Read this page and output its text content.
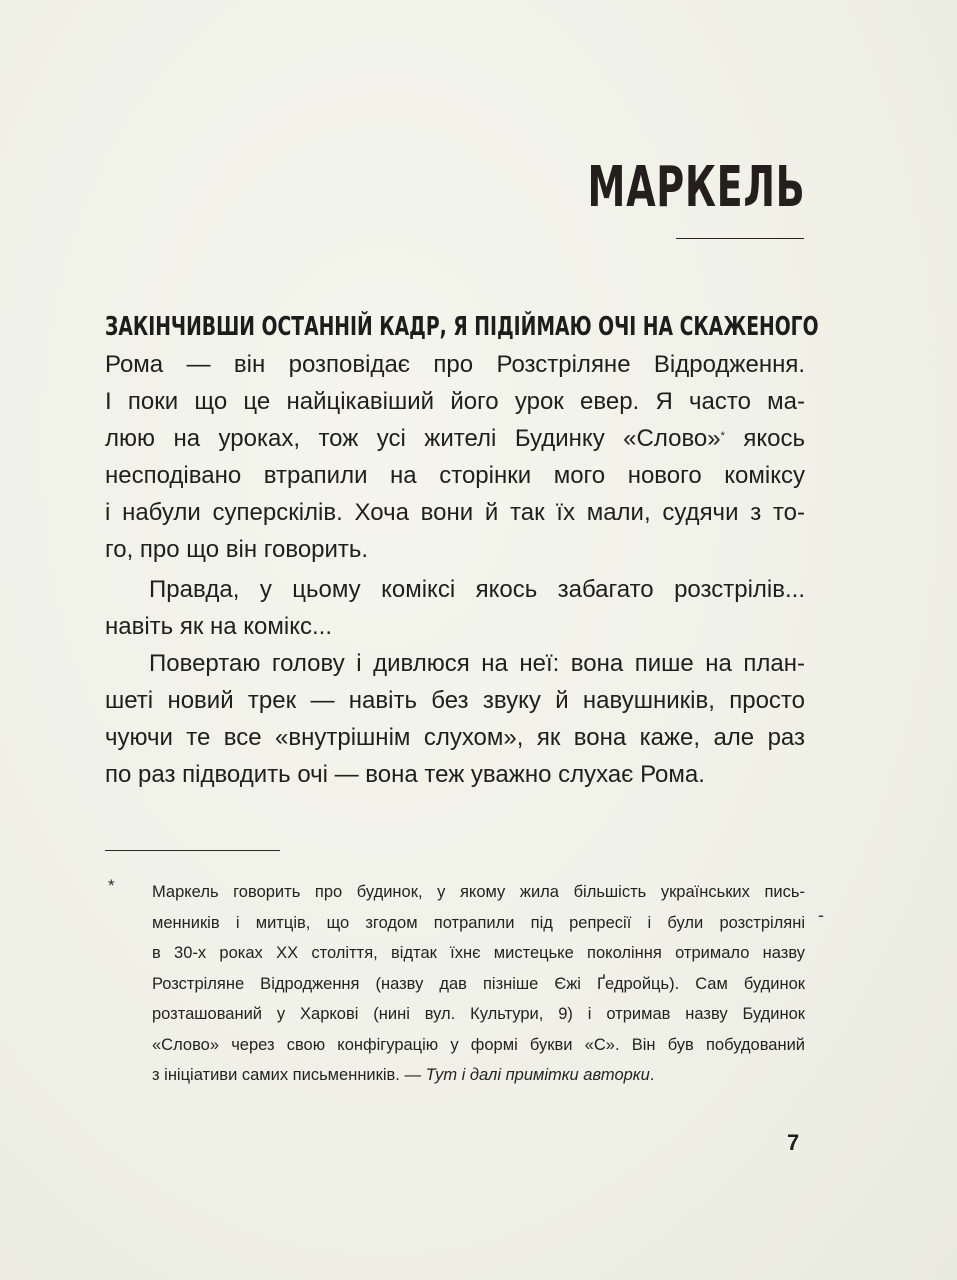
МАРКЕЛЬ

ЗАКІНЧИВШИ ОСТАННІЙ КАДР, Я ПІДІЙМАЮ ОЧІ НА СКАЖЕНОГО

Рома — він розповідає про Розстріляне Відродження.
І поки що це найцікавіший його урок евер. Я часто ма-
люю на уроках, тож усі жителі Будинку «Слово»* якось
несподівано втрапили на сторінки мого нового коміксу
і набули суперскілів. Хоча вони й так їх мали, судячи з то-
го, про що він говорить.
Правда, у цьому коміксі якось забагато розстрілів...
навіть як на комікс...
Повертаю голову і дивлюся на неї: вона пише на план-
шеті новий трек — навіть без звуку й навушників, просто
чуючи те все «внутрішнім слухом», як вона каже, але раз
по раз підводить очі — вона теж уважно слухає Рома.
* Маркель говорить про будинок, у якому жила більшість українських пись-
менників і митців, що згодом потрапили під репресії і були розстріляні
в 30-х роках XX століття, відтак їхнє мистецьке покоління отримало назву
Розстріляне Відродження (назву дав пізніше Єжі Ґедройць). Сам будинок
розташований у Харкові (нині вул. Культури, 9) і отримав назву Будинок
«Слово» через свою конфігурацію у формі букви «С». Він був побудований
з ініціативи самих письменників. — Тут і далі примітки авторки.
-
7
